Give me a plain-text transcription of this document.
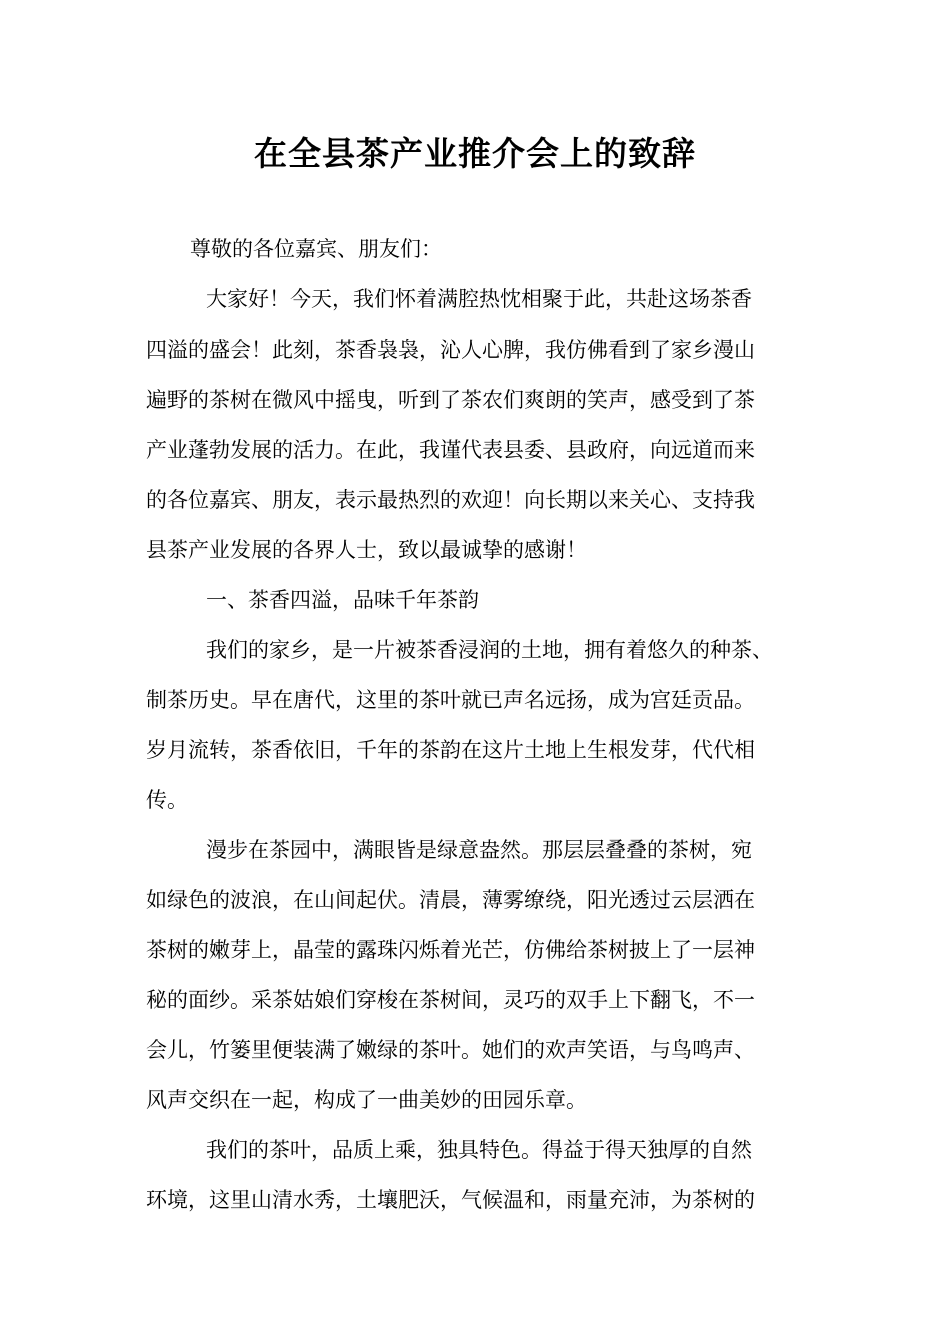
在全县茶产业推介会上的致辞

尊敬的各位嘉宾、朋友们：

大家好！今天，我们怀着满腔热忱相聚于此，共赴这场茶香

四溢的盛会！此刻，茶香袅袅，沁人心脾，我仿佛看到了家乡漫山

遍野的茶树在微风中摇曳，听到了茶农们爽朗的笑声，感受到了茶

产业蓬勃发展的活力。在此，我谨代表县委、县政府，向远道而来

的各位嘉宾、朋友，表示最热烈的欢迎！向长期以来关心、支持我

县茶产业发展的各界人士，致以最诚挚的感谢！

一、茶香四溢，品味千年茶韵

我们的家乡，是一片被茶香浸润的土地，拥有着悠久的种茶、

制茶历史。早在唐代，这里的茶叶就已声名远扬，成为宫廷贡品。

岁月流转，茶香依旧，千年的茶韵在这片土地上生根发芽，代代相

传。

漫步在茶园中，满眼皆是绿意盎然。那层层叠叠的茶树，宛

如绿色的波浪，在山间起伏。清晨，薄雾缭绕，阳光透过云层洒在

茶树的嫩芽上，晶莹的露珠闪烁着光芒，仿佛给茶树披上了一层神

秘的面纱。采茶姑娘们穿梭在茶树间，灵巧的双手上下翻飞，不一

会儿，竹篓里便装满了嫩绿的茶叶。她们的欢声笑语，与鸟鸣声、

风声交织在一起，构成了一曲美妙的田园乐章。

我们的茶叶，品质上乘，独具特色。得益于得天独厚的自然

环境，这里山清水秀，土壤肥沃，气候温和，雨量充沛，为茶树的
